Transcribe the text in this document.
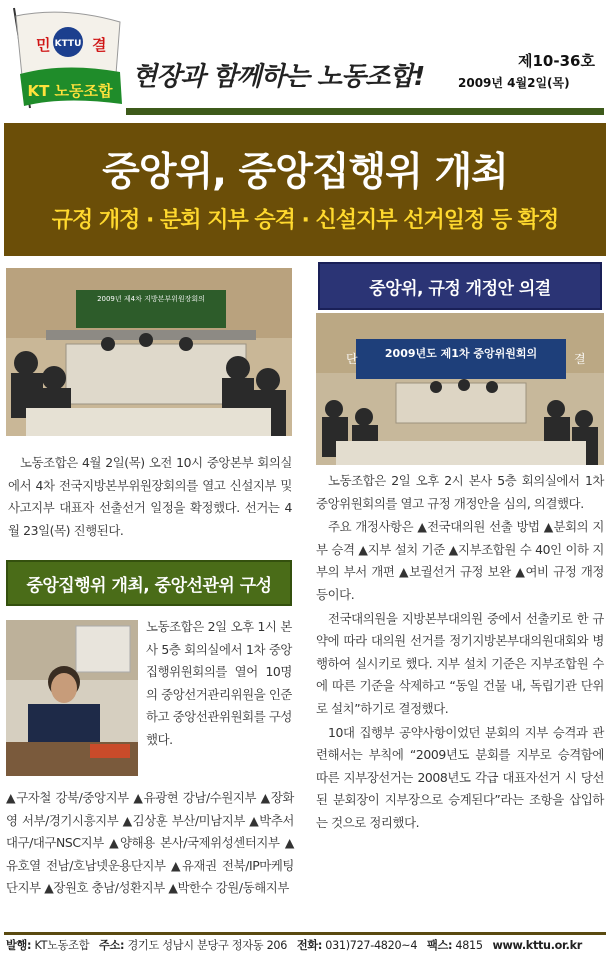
KTTU
민	결
KT 노동조합 현장과 함께하는 노동조합!
제10-36호
2009년 4월2일(목)
중앙위, 중앙집행위 개최
규정 개정 · 분회 지부 승격 · 신설지부 선거일정 등 확정
2009년 제4차 지방본부위원장회의

노동조합은 4월 2일(목) 오전 10시 중앙본부 회의실에서 4차 전국지방본부위원장회의를 열고 신설지부 및 사고지부 대표자 선출선거 일정을 확정했다. 선거는 4월 23일(목) 진행된다.

중앙집행위 개최, 중앙선관위 구성
노동조합은 2일 오후 1시 본사 5층 회의실에서 1차 중앙집행위원회의를 열어 10명의 중앙선거관리위원을 인준하고 중앙선관위원회를 구성했다.
▲구자철 강북/중앙지부 ▲유광현 강남/수원지부 ▲장화영 서부/경기시흥지부 ▲김상훈 부산/미남지부 ▲박추서 대구/대구NSC지부 ▲양해용 본사/국제위성센터지부 ▲유호열 전남/호남넷운용단지부 ▲유재권 전북/IP마케팅단지부 ▲장원호 충남/성환지부 ▲박한수 강원/동해지부
중앙위, 규정 개정안 의결
2009년도 제1차 중앙위원회의
단	결

노동조합은 2일 오후 2시 본사 5층 회의실에서 1차 중앙위원회의를 열고 규정 개정안을 심의, 의결했다.

주요 개정사항은 ▲전국대의원 선출 방법 ▲분회의 지부 승격 ▲지부 설치 기준 ▲지부조합원 수 40인 이하 지부의 부서 개편 ▲보궐선거 규정 보완 ▲여비 규정 개정 등이다.

전국대의원을 지방본부대의원 중에서 선출키로 한 규약에 따라 대의원 선거를 정기지방본부대의원대회와 병행하여 실시키로 했다. 지부 설치 기준은 지부조합원 수에 따른 기준을 삭제하고 “동일 건물 내, 독립기관 단위로 설치”하기로 결정했다.

10대 집행부 공약사항이었던 분회의 지부 승격과 관련해서는 부칙에 “2009년도 분회를 지부로 승격함에 따른 지부장선거는 2008년도 각급 대표자선거 시 당선된 분회장이 지부장으로 승계된다”라는 조항을 삽입하는 것으로 정리했다.

발행: KT노동조합 주소: 경기도 성남시 분당구 정자동 206 전화: 031)727-4820~4 팩스: 4815 www.kttu.or.kr
